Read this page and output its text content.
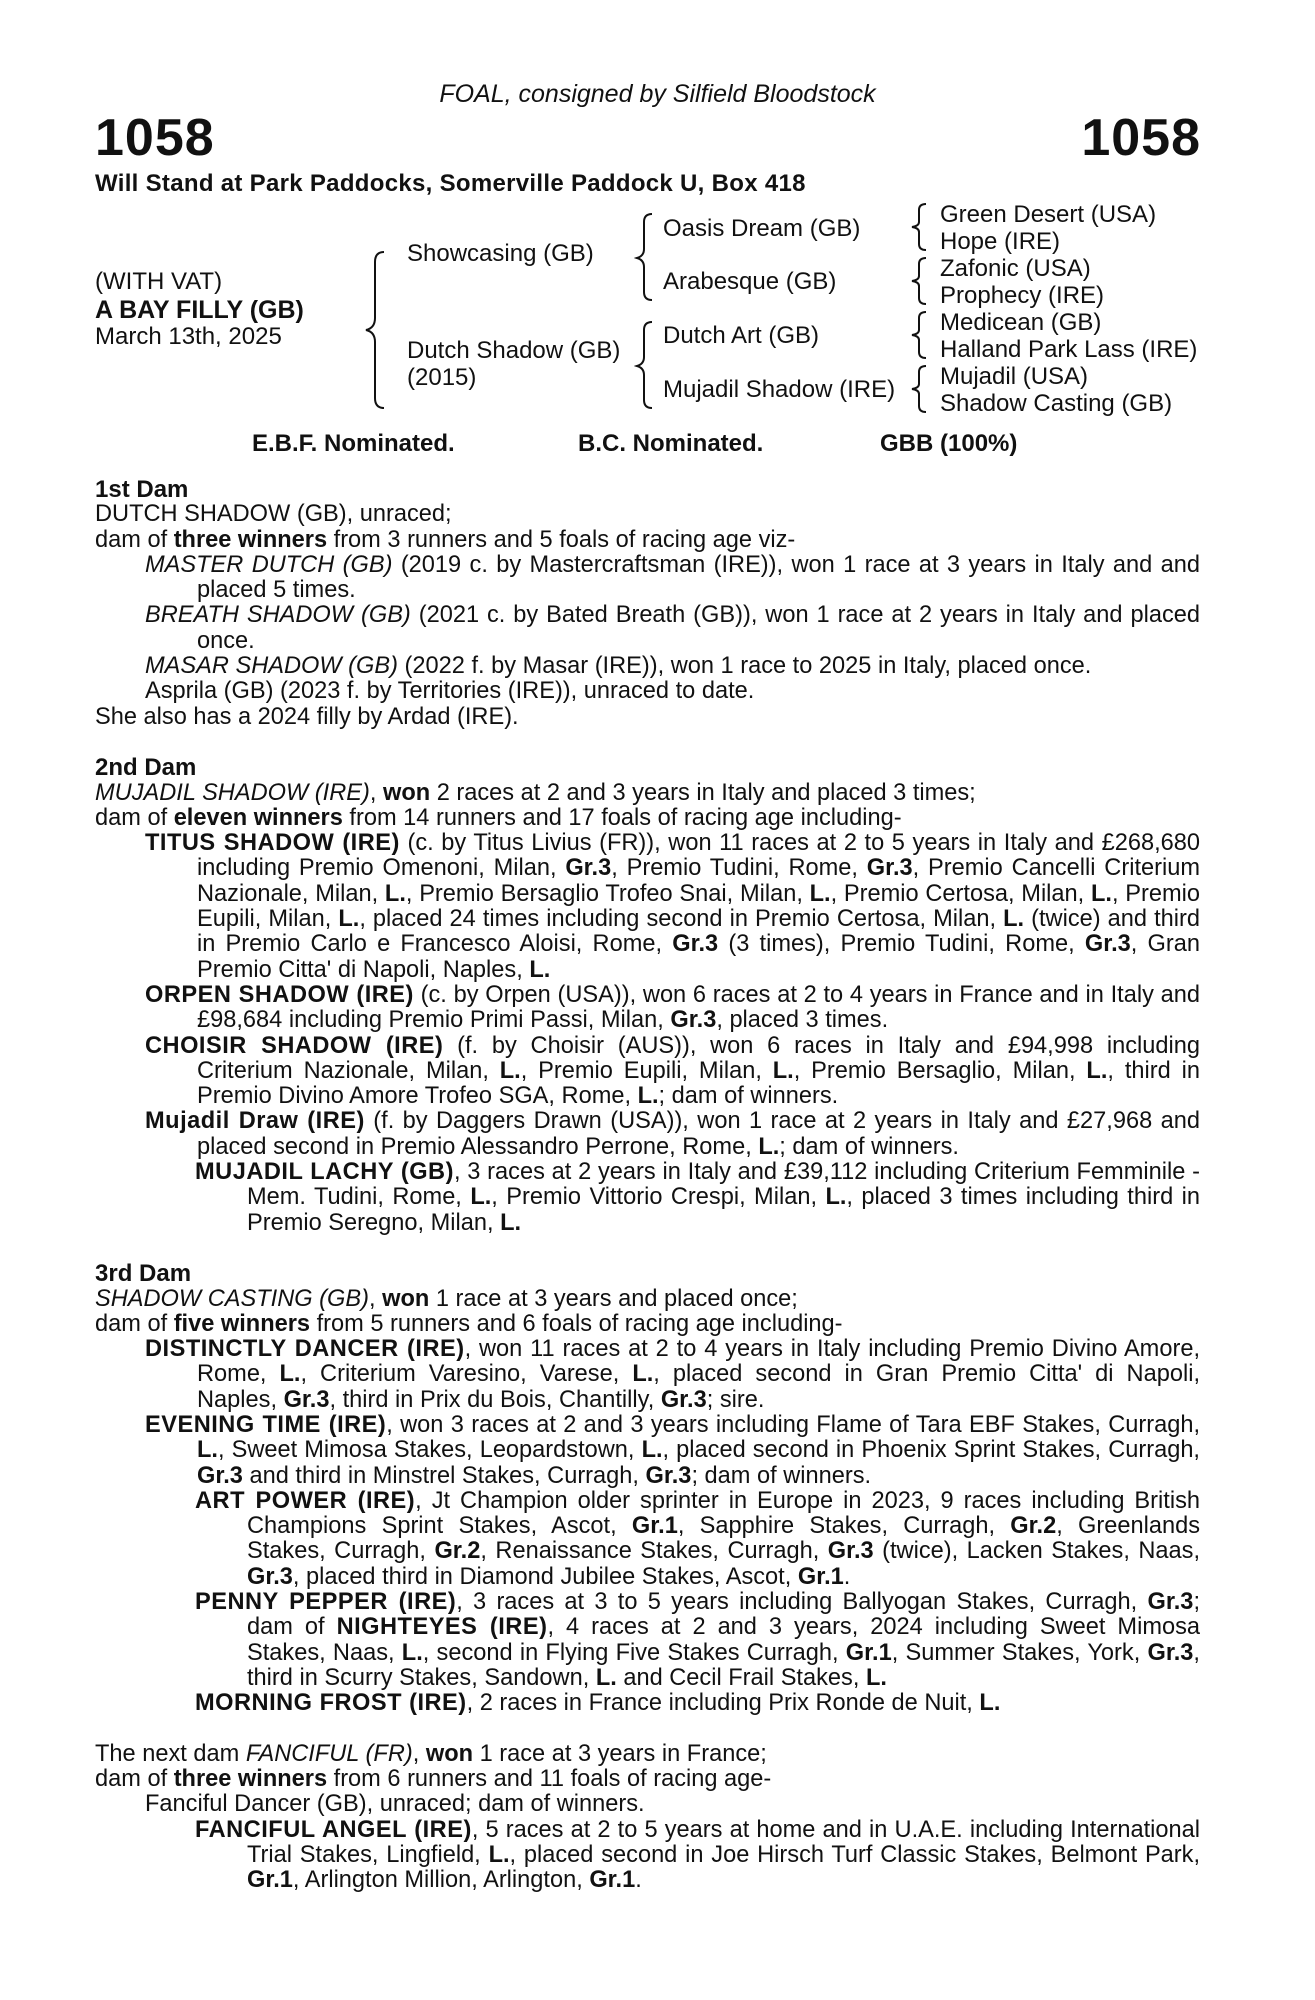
FOAL, consigned by Silfield Bloodstock
1058	1058
Will Stand at Park Paddocks, Somerville Paddock U, Box 418
(WITH VAT)
A BAY FILLY (GB)
March 13th, 2025
Showcasing (GB)
Dutch Shadow (GB)
(2015)
Oasis Dream (GB)
Arabesque (GB)
Dutch Art (GB)
Mujadil Shadow (IRE)
Green Desert (USA)
Hope (IRE)
Zafonic (USA)
Prophecy (IRE)
Medicean (GB)
Halland Park Lass (IRE)
Mujadil (USA)
Shadow Casting (GB)
E.B.F. Nominated.	B.C. Nominated.	GBB (100%)

1st Dam

DUTCH SHADOW (GB), unraced;

dam of three winners from 3 runners and 5 foals of racing age viz-

MASTER DUTCH (GB) (2019 c. by Mastercraftsman (IRE)), won 1 race at 3 years in Italy and and placed 5 times.

BREATH SHADOW (GB) (2021 c. by Bated Breath (GB)), won 1 race at 2 years in Italy and placed once.

MASAR SHADOW (GB) (2022 f. by Masar (IRE)), won 1 race to 2025 in Italy, placed once.

Asprila (GB) (2023 f. by Territories (IRE)), unraced to date.

She also has a 2024 filly by Ardad (IRE).

2nd Dam

MUJADIL SHADOW (IRE), won 2 races at 2 and 3 years in Italy and placed 3 times;

dam of eleven winners from 14 runners and 17 foals of racing age including-

TITUS SHADOW (IRE) (c. by Titus Livius (FR)), won 11 races at 2 to 5 years in Italy and £268,680 including Premio Omenoni, Milan, Gr.3, Premio Tudini, Rome, Gr.3, Premio Cancelli Criterium Nazionale, Milan, L., Premio Bersaglio Trofeo Snai, Milan, L., Premio Certosa, Milan, L., Premio Eupili, Milan, L., placed 24 times including second in Premio Certosa, Milan, L. (twice) and third in Premio Carlo e Francesco Aloisi, Rome, Gr.3 (3 times), Premio Tudini, Rome, Gr.3, Gran Premio Citta' di Napoli, Naples, L.

ORPEN SHADOW (IRE) (c. by Orpen (USA)), won 6 races at 2 to 4 years in France and in Italy and £98,684 including Premio Primi Passi, Milan, Gr.3, placed 3 times.

CHOISIR SHADOW (IRE) (f. by Choisir (AUS)), won 6 races in Italy and £94,998 including Criterium Nazionale, Milan, L., Premio Eupili, Milan, L., Premio Bersaglio, Milan, L., third in Premio Divino Amore Trofeo SGA, Rome, L.; dam of winners.

Mujadil Draw (IRE) (f. by Daggers Drawn (USA)), won 1 race at 2 years in Italy and £27,968 and placed second in Premio Alessandro Perrone, Rome, L.; dam of winners.

MUJADIL LACHY (GB), 3 races at 2 years in Italy and £39,112 including Criterium Femminile - Mem. Tudini, Rome, L., Premio Vittorio Crespi, Milan, L., placed 3 times including third in Premio Seregno, Milan, L.

3rd Dam

SHADOW CASTING (GB), won 1 race at 3 years and placed once;

dam of five winners from 5 runners and 6 foals of racing age including-

DISTINCTLY DANCER (IRE), won 11 races at 2 to 4 years in Italy including Premio Divino Amore, Rome, L., Criterium Varesino, Varese, L., placed second in Gran Premio Citta' di Napoli, Naples, Gr.3, third in Prix du Bois, Chantilly, Gr.3; sire.

EVENING TIME (IRE), won 3 races at 2 and 3 years including Flame of Tara EBF Stakes, Curragh, L., Sweet Mimosa Stakes, Leopardstown, L., placed second in Phoenix Sprint Stakes, Curragh, Gr.3 and third in Minstrel Stakes, Curragh, Gr.3; dam of winners.

ART POWER (IRE), Jt Champion older sprinter in Europe in 2023, 9 races including British Champions Sprint Stakes, Ascot, Gr.1, Sapphire Stakes, Curragh, Gr.2, Greenlands Stakes, Curragh, Gr.2, Renaissance Stakes, Curragh, Gr.3 (twice), Lacken Stakes, Naas, Gr.3, placed third in Diamond Jubilee Stakes, Ascot, Gr.1.

PENNY PEPPER (IRE), 3 races at 3 to 5 years including Ballyogan Stakes, Curragh, Gr.3; dam of NIGHTEYES (IRE), 4 races at 2 and 3 years, 2024 including Sweet Mimosa Stakes, Naas, L., second in Flying Five Stakes Curragh, Gr.1, Summer Stakes, York, Gr.3, third in Scurry Stakes, Sandown, L. and Cecil Frail Stakes, L.

MORNING FROST (IRE), 2 races in France including Prix Ronde de Nuit, L.

The next dam FANCIFUL (FR), won 1 race at 3 years in France;

dam of three winners from 6 runners and 11 foals of racing age-

Fanciful Dancer (GB), unraced; dam of winners.

FANCIFUL ANGEL (IRE), 5 races at 2 to 5 years at home and in U.A.E. including International Trial Stakes, Lingfield, L., placed second in Joe Hirsch Turf Classic Stakes, Belmont Park, Gr.1, Arlington Million, Arlington, Gr.1.
